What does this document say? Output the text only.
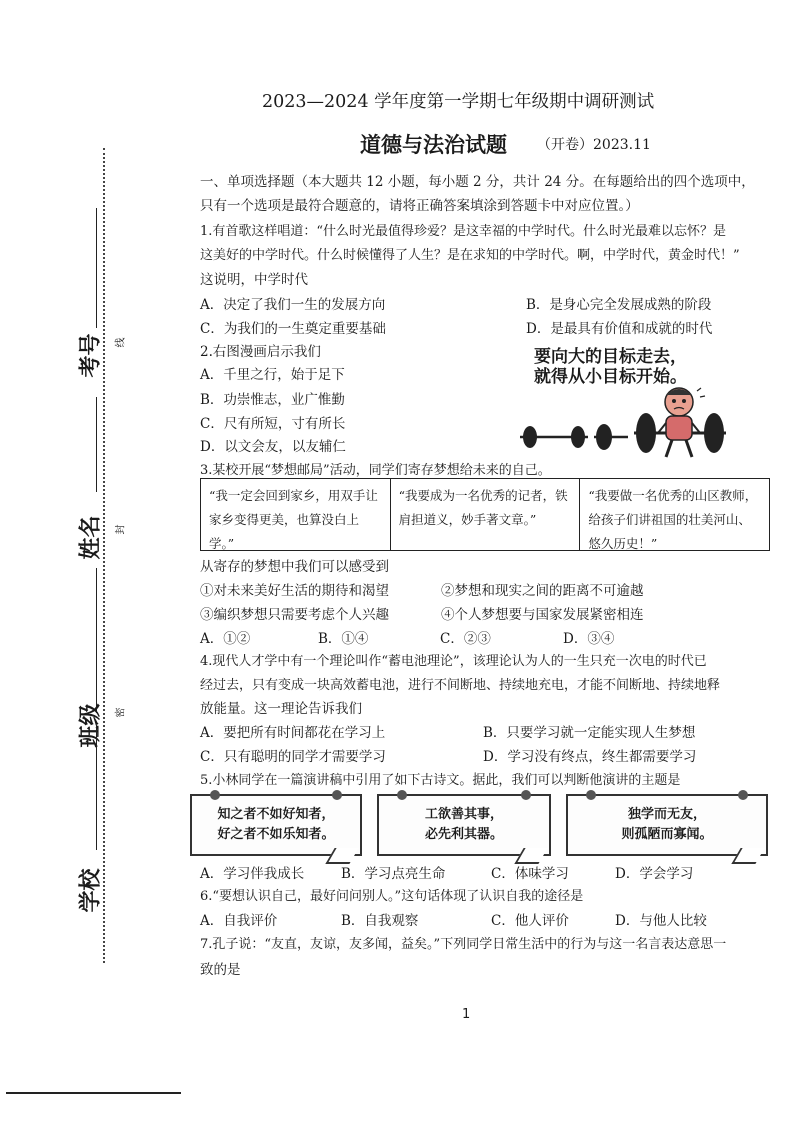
考号
姓名
班级
学校
线
封
密
2023—2024 学年度第一学期七年级期中调研测试
道德与法治试题 （开卷）2023.11
一、单项选择题（本大题共 12 小题，每小题 2 分，共计 24 分。在每题给出的四个选项中，
只有一个选项是最符合题意的，请将正确答案填涂到答题卡中对应位置。）
1.有首歌这样唱道：“什么时光最值得珍爱？是这幸福的中学时代。什么时光最难以忘怀？是
这美好的中学时代。什么时候懂得了人生？是在求知的中学时代。啊，中学时代，黄金时代！”
这说明，中学时代
A．决定了我们一生的发展方向	B．是身心完全发展成熟的阶段
C．为我们的一生奠定重要基础	D．是最具有价值和成就的时代
2.右图漫画启示我们
A．千里之行，始于足下
B．功崇惟志，业广惟勤
C．尺有所短，寸有所长
D．以文会友，以友辅仁
要向大的目标走去，
就得从小目标开始。
3.某校开展“梦想邮局”活动，同学们寄存梦想给未来的自己。
“我一定会回到家乡，用双手让家乡变得更美，也算没白上学。”
“我要成为一名优秀的记者，铁肩担道义，妙手著文章。”
“我要做一名优秀的山区教师，给孩子们讲祖国的壮美河山、悠久历史！”
从寄存的梦想中我们可以感受到
①对未来美好生活的期待和渴望	②梦想和现实之间的距离不可逾越
③编织梦想只需要考虑个人兴趣	④个人梦想要与国家发展紧密相连
A．①②	B．①④	C．②③	D．③④
4.现代人才学中有一个理论叫作“蓄电池理论”，该理论认为人的一生只充一次电的时代已
经过去，只有变成一块高效蓄电池，进行不间断地、持续地充电，才能不间断地、持续地释
放能量。这一理论告诉我们
A．要把所有时间都花在学习上	B．只要学习就一定能实现人生梦想
C．只有聪明的同学才需要学习	D．学习没有终点，终生都需要学习
5.小林同学在一篇演讲稿中引用了如下古诗文。据此，我们可以判断他演讲的主题是
知之者不如好知者，
好之者不如乐知者。
工欲善其事，
必先利其器。
独学而无友，
则孤陋而寡闻。
A．学习伴我成长	B．学习点亮生命	C．体味学习	D．学会学习
6.“要想认识自己，最好问问别人。”这句话体现了认识自我的途径是
A．自我评价	B．自我观察	C．他人评价	D．与他人比较
7.孔子说：“友直，友谅，友多闻，益矣。”下列同学日常生活中的行为与这一名言表达意思一
致的是
1
